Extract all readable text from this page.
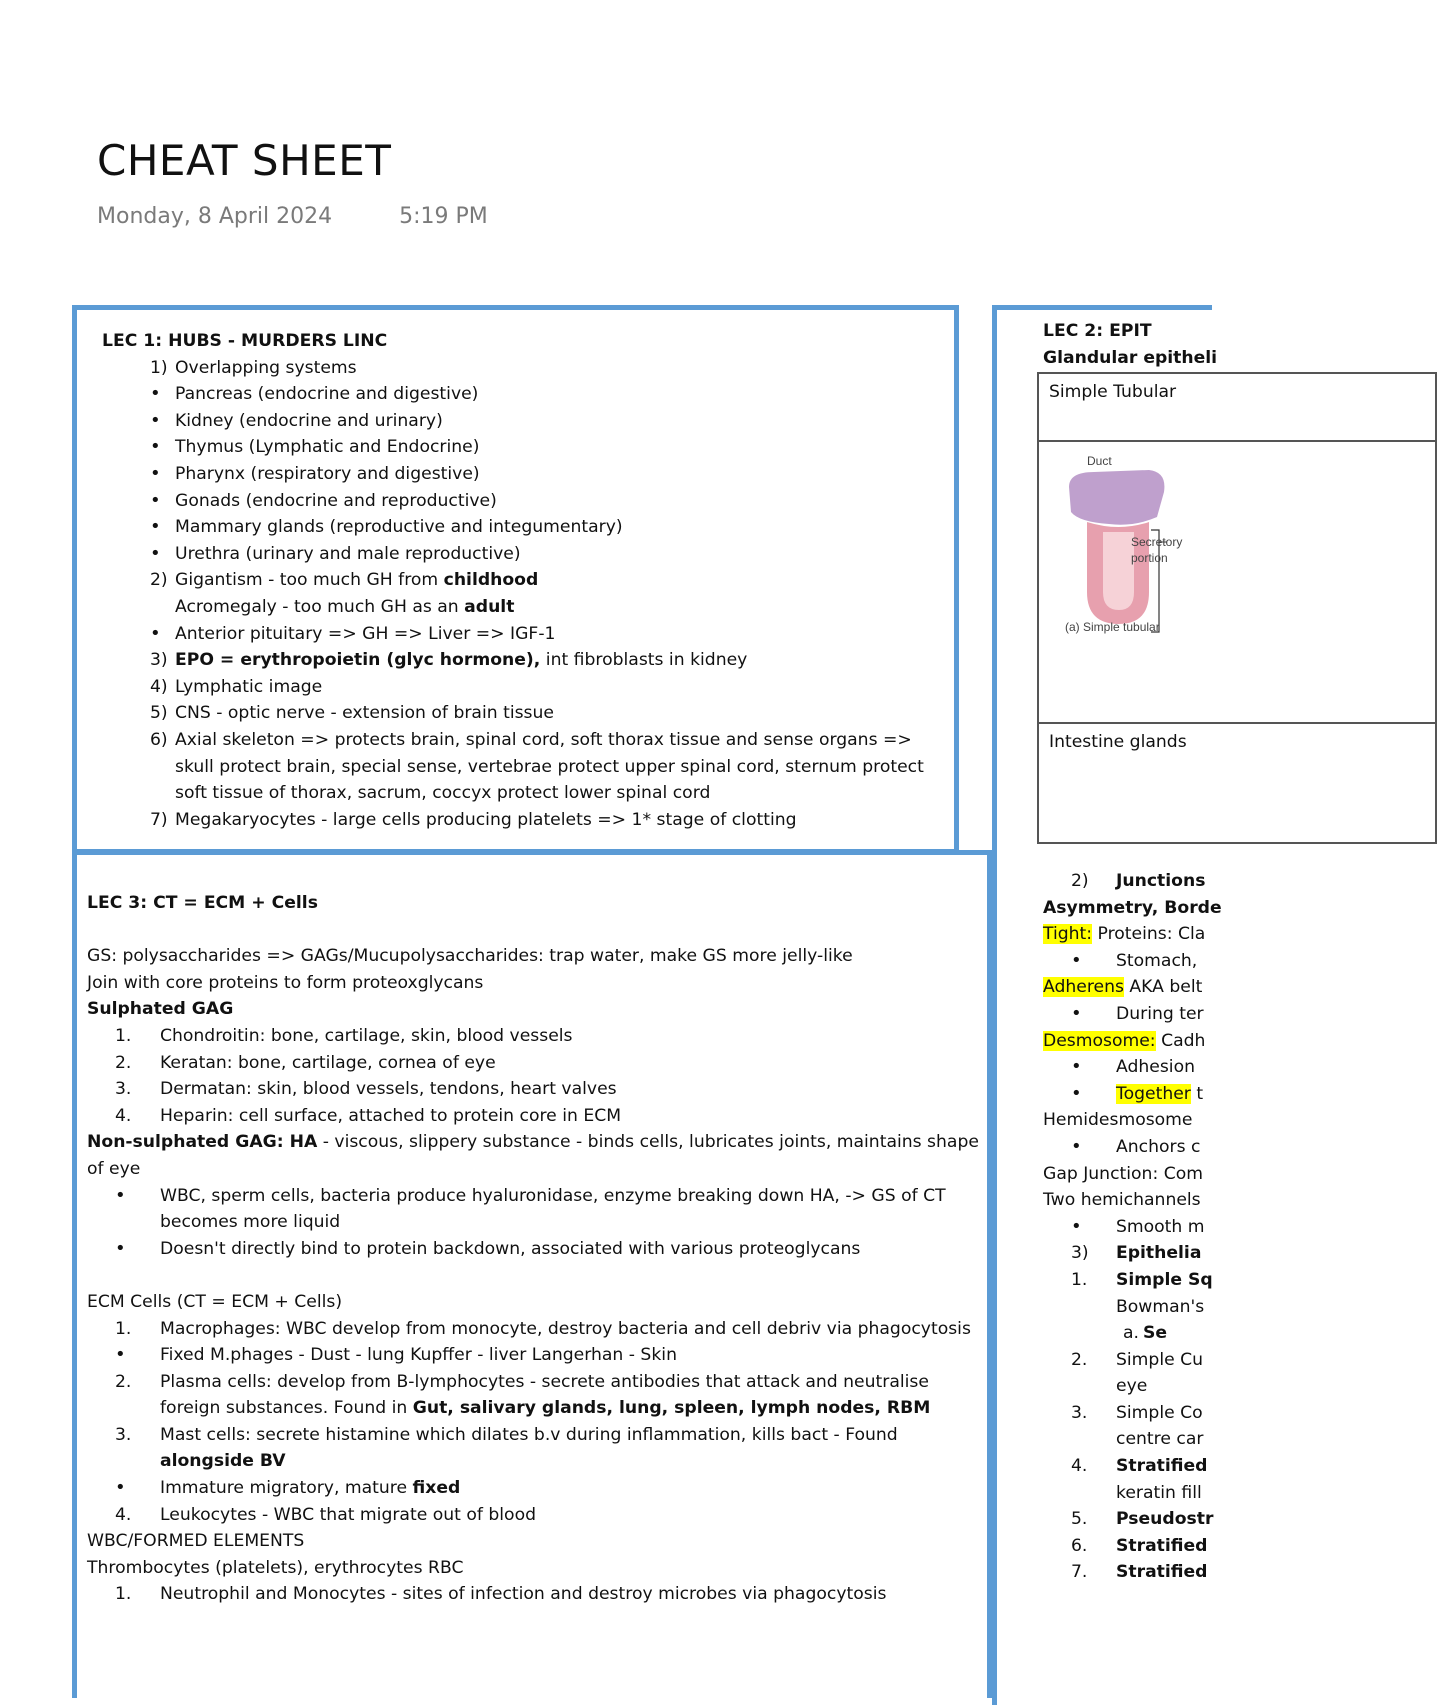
CHEAT SHEET
Monday, 8 April 2024	5:19 PM
LEC 1: HUBS - MURDERS LINC
1) Overlapping systems
•
Pancreas (endocrine and digestive)
•
Kidney (endocrine and urinary)
•
Thymus (Lymphatic and Endocrine)
•
Pharynx (respiratory and digestive)
•
Gonads (endocrine and reproductive)
•
Mammary glands (reproductive and integumentary)
•
Urethra (urinary and male reproductive)
2) Gigantism - too much GH from childhood
Acromegaly - too much GH as an adult
•
Anterior pituitary => GH => Liver => IGF-1
3) EPO = erythropoietin (glyc hormone), int fibroblasts in kidney
4) Lymphatic image
5) CNS - optic nerve - extension of brain tissue
6) Axial skeleton => protects brain, spinal cord, soft thorax tissue and sense organs => skull protect brain, special sense, vertebrae protect upper spinal cord, sternum protect soft tissue of thorax, sacrum, coccyx protect lower spinal cord
7) Megakaryocytes - large cells producing platelets => 1* stage of clotting
LEC 3: CT = ECM + Cells
GS: polysaccharides => GAGs/Mucupolysaccharides: trap water, make GS more jelly-like
Join with core proteins to form proteoxglycans
Sulphated GAG
1.	Chondroitin: bone, cartilage, skin, blood vessels
2.	Keratan: bone, cartilage, cornea of eye
3.	Dermatan: skin, blood vessels, tendons, heart valves
4.	Heparin: cell surface, attached to protein core in ECM
Non-sulphated GAG: HA - viscous, slippery substance - binds cells, lubricates joints, maintains shape of eye
•
WBC, sperm cells, bacteria produce hyaluronidase, enzyme breaking down HA, -> GS of CT becomes more liquid
•
Doesn't directly bind to protein backdown, associated with various proteoglycans
ECM Cells (CT = ECM + Cells)
1.	Macrophages: WBC develop from monocyte, destroy bacteria and cell debriv via phagocytosis
•
Fixed M.phages - Dust - lung Kupffer - liver Langerhan - Skin
2.	Plasma cells: develop from B-lymphocytes - secrete antibodies that attack and neutralise foreign substances. Found in Gut, salivary glands, lung, spleen, lymph nodes, RBM
3.	Mast cells: secrete histamine which dilates b.v during inflammation, kills bact - Found alongside BV
•
Immature migratory, mature fixed
4.	Leukocytes - WBC that migrate out of blood
WBC/FORMED ELEMENTS
Thrombocytes (platelets), erythrocytes RBC
1.	Neutrophil and Monocytes - sites of infection and destroy microbes via phagocytosis
LEC 2: EPIT
Glandular epitheli
Simple Tubular

Duct
Secretory
portion
(a) Simple tubular

Intestine glands
2)	Junctions
Asymmetry, Borde
Tight: Proteins: Cla
•
Stomach,
Adherens AKA belt
•
During ter
Desmosome: Cadh
•
Adhesion
•
Together t
Hemidesmosome
•
Anchors c
Gap Junction: Com
Two hemichannels
•
Smooth m
3)	Epithelia
1.	Simple Sq
Bowman's
a. Se
2.	Simple Cu
eye
3.	Simple Co
centre car
4.	Stratified
keratin fill
5.	Pseudostr
6.	Stratified
7.	Stratified
